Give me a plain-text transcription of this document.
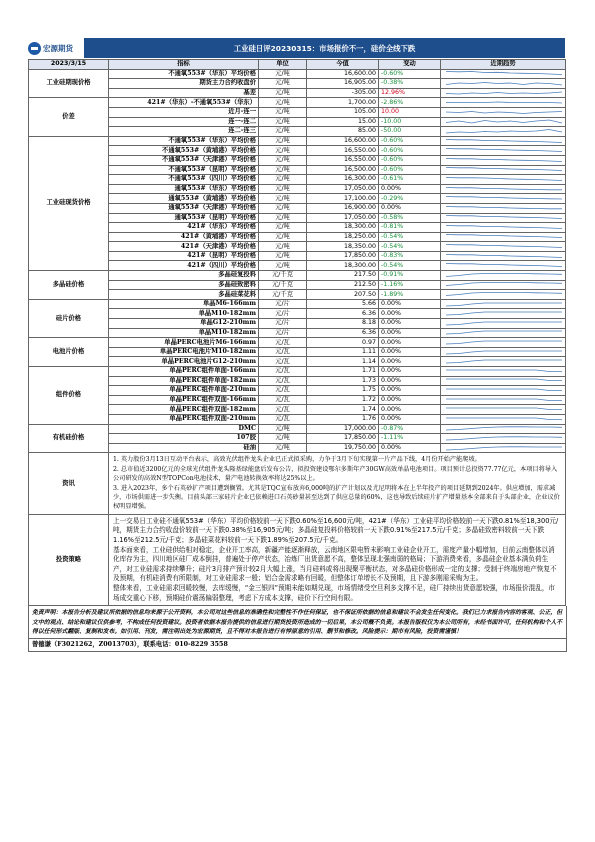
宏源期货	工业硅日评20230315：市场报价不一，硅价全线下跌
2023/3/15	指标	单位	今值	变动	近期趋势
工业硅期现价格	不通氧553#（华东）平均价格	元/吨	16,600.00	-0.60%	

	期货主力合约收盘价	元/吨	16,905.00	-0.38%	

	基差	元/吨	-305.00	12.96%	

价差	421#（华东）-不通氧553#（华东）	元/吨	1,700.00	-2.86%	

	近月-连一	元/吨	105.00	10.00	

	连一-连二	元/吨	15.00	-10.00	

	连二-连三	元/吨	85.00	-50.00	

工业硅现货价格	不通氧553#（华东）平均价格	元/吨	16,600.00	-0.60%	

	不通氧553#（黄埔港）平均价格	元/吨	16,550.00	-0.60%	

	不通氧553#（天津港）平均价格	元/吨	16,550.00	-0.60%	

	不通氧553#（昆明）平均价格	元/吨	16,500.00	-0.60%	

	不通氧553#（四川）平均价格	元/吨	16,300.00	-0.61%	

	通氧553#（华东）平均价格	元/吨	17,050.00	0.00%	

	通氧553#（黄埔港）平均价格	元/吨	17,100.00	-0.29%	

	通氧553#（天津港）平均价格	元/吨	16,900.00	0.00%	

	通氧553#（昆明）平均价格	元/吨	17,050.00	-0.58%	

	421#（华东）平均价格	元/吨	18,300.00	-0.81%	

	421#（黄埔港）平均价格	元/吨	18,250.00	-0.54%	

	421#（天津港）平均价格	元/吨	18,350.00	-0.54%	

	421#（昆明）平均价格	元/吨	17,850.00	-0.83%	

	421#（四川）平均价格	元/吨	18,300.00	-0.54%	

多晶硅价格	多晶硅复投料	元/千克	217.50	-0.91%	

	多晶硅致密料	元/千克	212.50	-1.16%	

	多晶硅菜花料	元/千克	207.50	-1.89%	

硅片价格	单晶M6-166mm	元/片	5.66	0.00%	

	单晶M10-182mm	元/片	6.36	0.00%	

	单晶G12-210mm	元/片	8.18	0.00%	

	单晶M10-182mm	元/片	6.36	0.00%	

电池片价格	单晶PERC电池片M6-166mm	元/瓦	0.97	0.00%	

	单晶PERC电池片M10-182mm	元/瓦	1.11	0.00%	

	单晶PERC电池片G12-210mm	元/瓦	1.14	0.00%	

组件价格	单晶PERC组件单面-166mm	元/瓦	1.71	0.00%	

	单晶PERC组件单面-182mm	元/瓦	1.73	0.00%	

	单晶PERC组件单面-210mm	元/瓦	1.75	0.00%	

	单晶PERC组件双面-166mm	元/瓦	1.72	0.00%	

	单晶PERC组件双面-182mm	元/瓦	1.74	0.00%	

	单晶PERC组件双面-210mm	元/瓦	1.76	0.00%	

有机硅价格	DMC	元/吨	17,000.00	-0.87%	

	107胶	元/吨	17,850.00	-1.11%	

	硅油	元/吨	19,750.00	0.00%	

资讯	1. 英力股份3月13日互动平台表示，高效光伏组件龙头企业已正式拟采购，力争于3月下旬实现第一片产品下线，4月份开始产能爬坡。
2. 总市值近3200亿元的全球光伏组件龙头隆基绿能盘后发布公告，拟投资建设鄂尔多斯年产30GW高效单晶电池项目。项目预计总投资77.77亿元，本项目将导入公司研发的高效N型TOPCon电池技术，量产电池转换效率将达25%以上。
3. 进入2023年，多个石英砂扩产项目遭到搁置。尤其是TQC宣布放弃6,000吨的扩产计划以及尤尼明将本在上半年投产的项目延期到2024年。供应增加，需求减少，市场供需进一步失衡。目前头部三家硅片企业已依赖进口石英砂量甚至达到了供应总量的60%，这也导致后续硅片扩产增量基本全部来自于头部企业，企业议价权明显增强。				

投资策略	上一交易日工业硅不通氧553#（华东）平均价格较前一天下跌0.60%至16,600元/吨，421#（华东）工业硅平均价格较前一天下跌0.81%至18,300元/吨，期货主力合约收盘价较前一天下跌0.38%至16,905元/吨；多晶硅复投料价格较前一天下跌0.91%至217.5元/千克；多晶硅致密料较前一天下跌1.16%至212.5元/千克；多晶硅菜花料较前一天下跌1.89%至207.5元/千克。
基本面来看，工业硅供给相对稳定，企业开工率高，新疆产能逐渐释放，云南地区限电暂未影响工业硅企业开工，需度产量小幅增加，目前云南整体以消化库存为主，四川地区硅厂成本倒挂，普遍处于停产状态，冶炼厂出货意愿不高，整体呈现北强南弱的格局；下游消费来看，多晶硅企业基本满负荷生产，对工业硅需求持续攀升；硅片3月排产预计较2月大幅上涨，当月硅料或将出现聚平衡状态，对多晶硅价格形成一定的支撑；受制于终端房地产恢复不及预期，有机硅消费有所限制，对工业硅需求一般；铝合金需求略有回暖，但整体订单增长不及预期，且下游多刚需采购为主。
整体来看，工业硅需求回暖较慢，去库缓慢，“金三银四”预期未能如期兑现，市场情绪受空旦利多支撑不足，硅厂持续出货意愿较强，市场报价混乱，市场成交重心下移，预期硅价震荡偏弱整理，考虑下方成本支撑，硅价下行空间有限。				
免责声明：本报告分析及建议所依据的信息均来源于公开资料，本公司对这些信息的准确性和完整性不作任何保证，也不保证所依据的信息和建议不会发生任何变化。我们已力求报告内容的客观、公正，但文中的观点、结论和建议仅供参考，不构成任何投资建议。投资者依据本报告提供的信息进行期货投资所造成的一切后果，本公司概不负责。本报告版权仅为本公司所有，未经书面许可，任何机构和个人不得以任何形式翻版、复制和发布。如引用、刊发，需注明出处为宏源期货，且不得对本报告进行有悖原意的引用、删节和修改。风险提示：期市有风险，投资需谨慎！
曾德谦（F3021262，Z0013703），联系电话：010-8229 3558
